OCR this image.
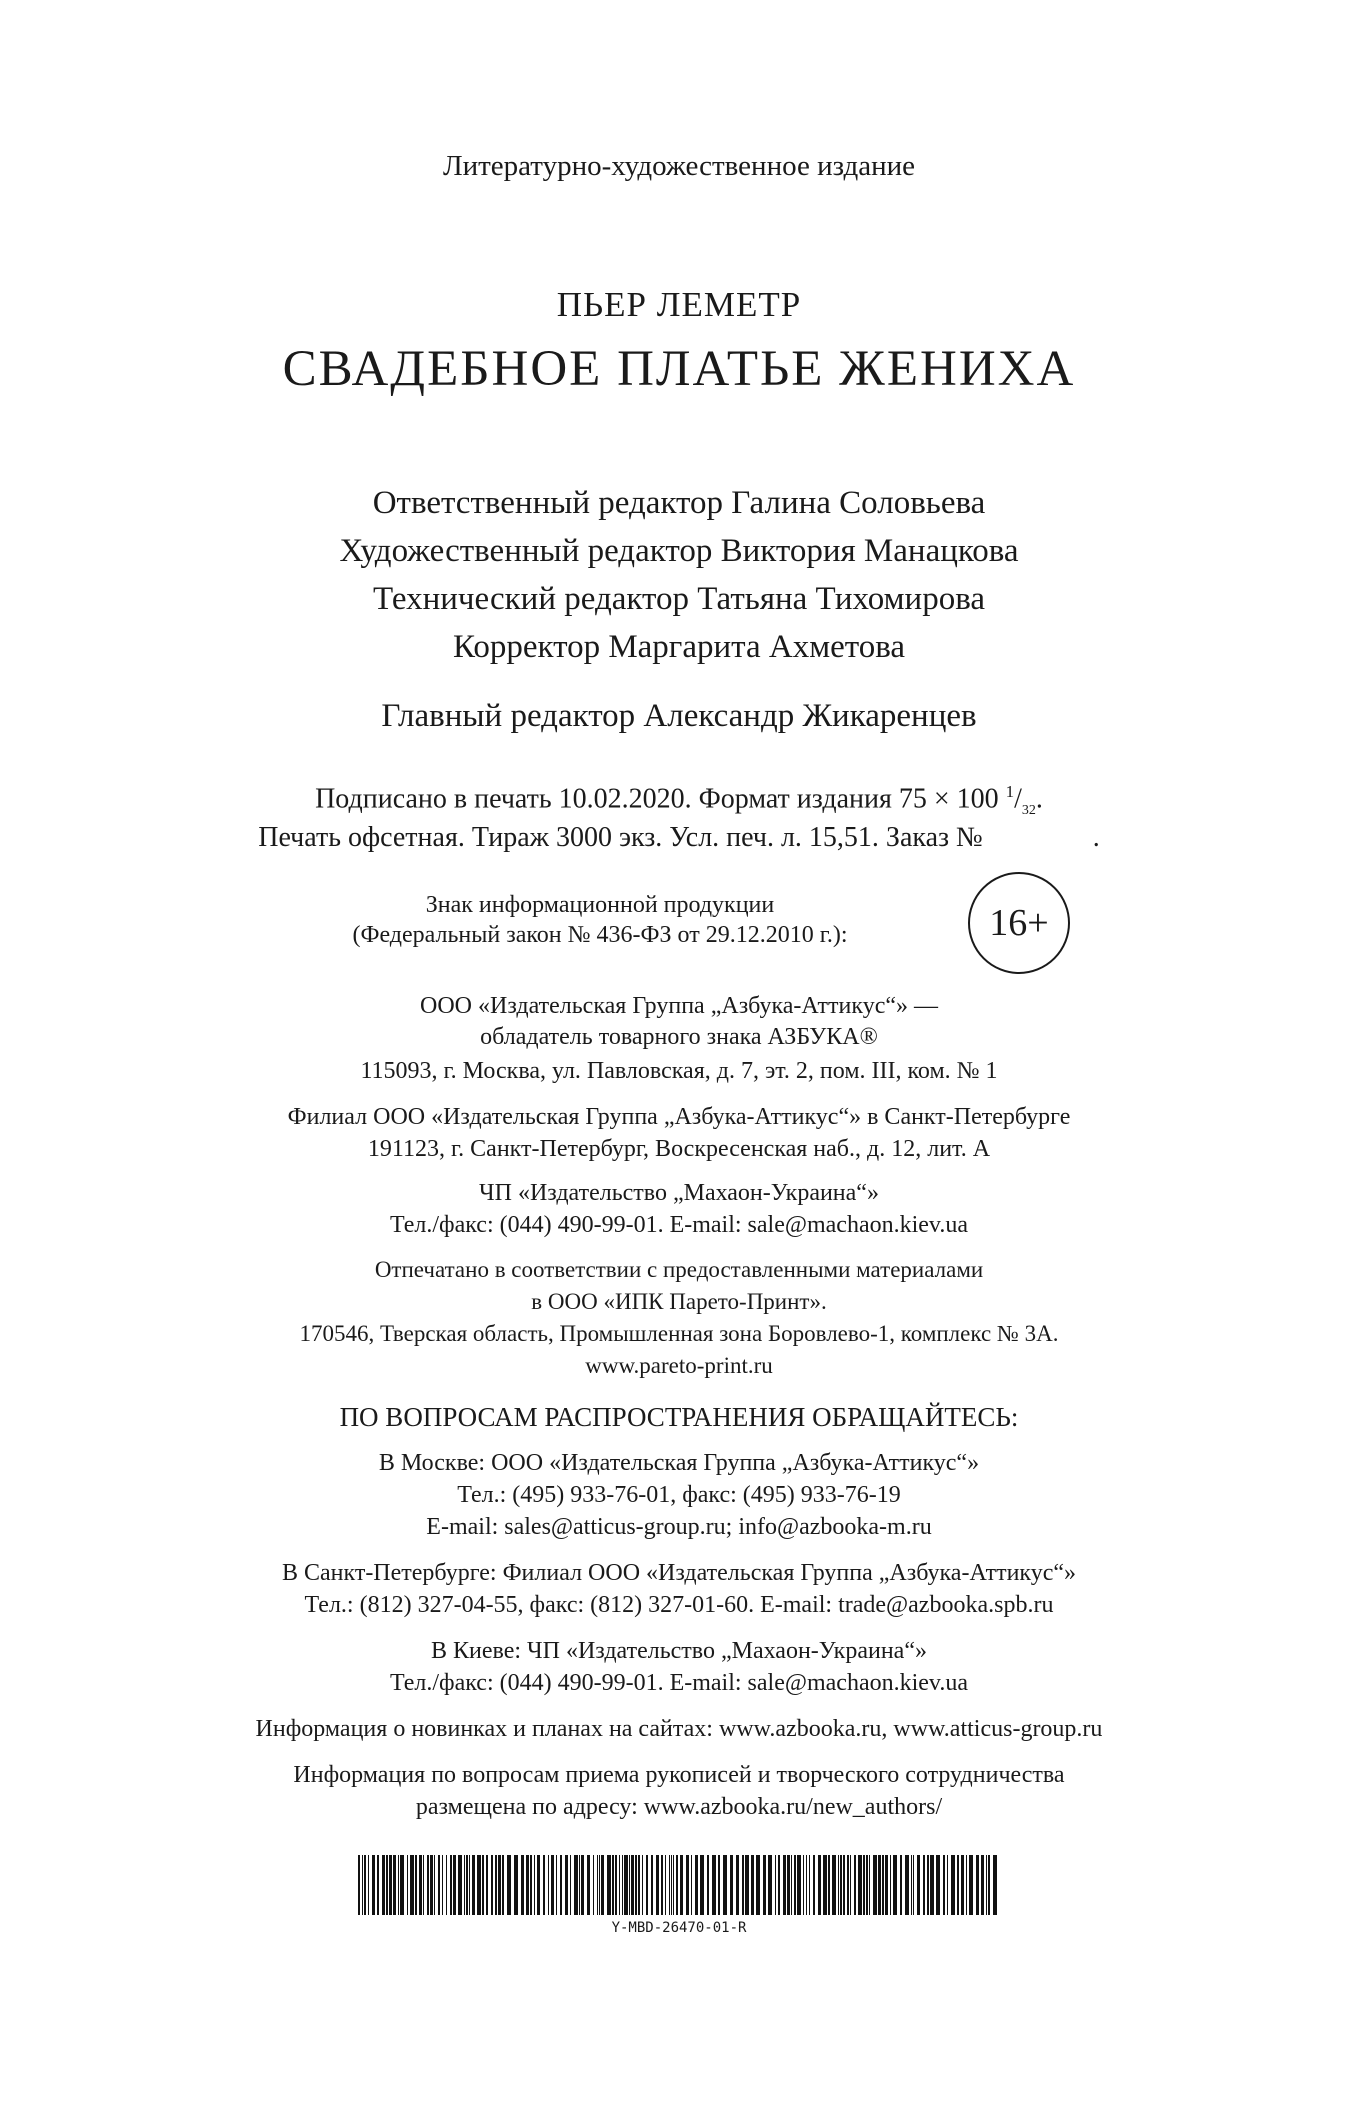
Литературно-художественное издание
ПЬЕР ЛЕМЕТР
СВАДЕБНОЕ ПЛАТЬЕ ЖЕНИХА
Ответственный редактор Галина Соловьева
Художественный редактор Виктория Манацкова
Технический редактор Татьяна Тихомирова
Корректор Маргарита Ахметова
Главный редактор Александр Жикаренцев
Подписано в печать 10.02.2020. Формат издания 75 × 100 $^1/_{32}$.
Печать офсетная. Тираж 3000 экз. Усл. печ. л. 15,51. Заказ №	.
Знак информационной продукции
(Федеральный закон № 436-ФЗ от 29.12.2010 г.):	16+
ООО «Издательская Группа „Азбука-Аттикус“» —
обладатель товарного знака АЗБУКА®
115093, г. Москва, ул. Павловская, д. 7, эт. 2, пом. III, ком. № 1
Филиал ООО «Издательская Группа „Азбука-Аттикус“» в Санкт-Петербурге
191123, г. Санкт-Петербург, Воскресенская наб., д. 12, лит. А
ЧП «Издательство „Махаон-Украина“»
Тел./факс: (044) 490-99-01. E-mail: sale@machaon.kiev.ua
Отпечатано в соответствии с предоставленными материалами
в ООО «ИПК Парето-Принт».
170546, Тверская область, Промышленная зона Боровлево-1, комплекс № 3А.
www.pareto-print.ru
ПО ВОПРОСАМ РАСПРОСТРАНЕНИЯ ОБРАЩАЙТЕСЬ:
В Москве: ООО «Издательская Группа „Азбука-Аттикус“»
Тел.: (495) 933-76-01, факс: (495) 933-76-19
E-mail: sales@atticus-group.ru; info@azbooka-m.ru
В Санкт-Петербурге: Филиал ООО «Издательская Группа „Азбука-Аттикус“»
Тел.: (812) 327-04-55, факс: (812) 327-01-60. E-mail: trade@azbooka.spb.ru
В Киеве: ЧП «Издательство „Махаон-Украина“»
Тел./факс: (044) 490-99-01. E-mail: sale@machaon.kiev.ua
Информация о новинках и планах на сайтах: www.azbooka.ru, www.atticus-group.ru
Информация по вопросам приема рукописей и творческого сотрудничества
размещена по адресу: www.azbooka.ru/new_authors/
Y-MBD-26470-01-R
